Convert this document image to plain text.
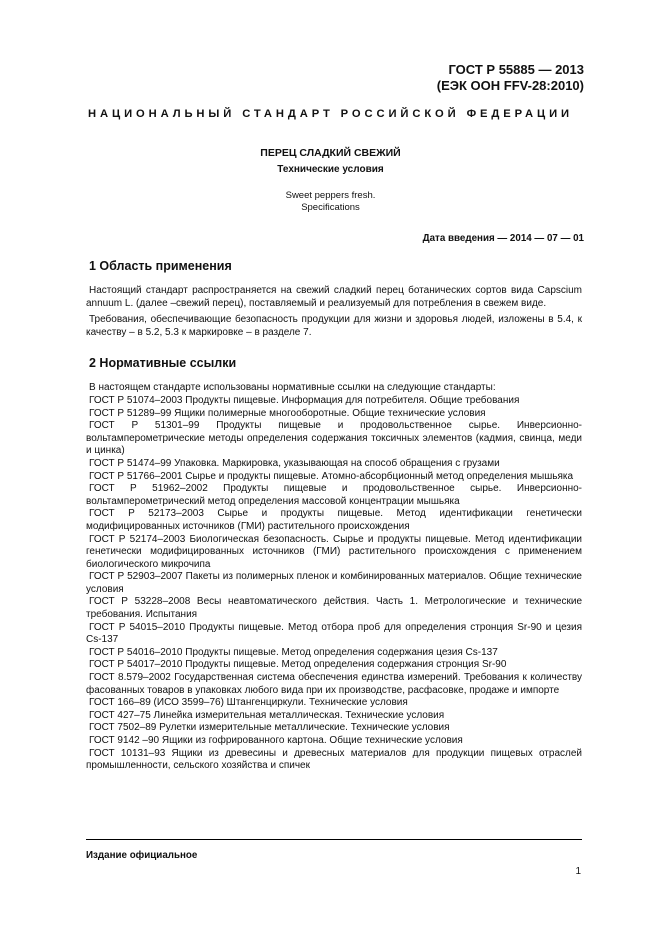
ГОСТ Р 55885 — 2013
(ЕЭК ООН FFV-28:2010)
НАЦИОНАЛЬНЫЙ СТАНДАРТ РОССИЙСКОЙ ФЕДЕРАЦИИ
ПЕРЕЦ СЛАДКИЙ СВЕЖИЙ
Технические условия
Sweet peppers fresh.
Specifications
Дата введения — 2014 — 07 — 01
1 Область применения

Настоящий стандарт распространяется на свежий сладкий перец ботанических сортов вида Capscium annuum L. (далее –свежий перец), поставляемый и реализуемый для потребления в свежем виде.

Требования, обеспечивающие безопасность продукции для жизни и здоровья людей, изложены в 5.4, к качеству – в 5.2, 5.3 к маркировке – в разделе 7.

2 Нормативные ссылки

В настоящем стандарте использованы нормативные ссылки на следующие стандарты:

ГОСТ Р 51074–2003 Продукты пищевые. Информация для потребителя. Общие требования

ГОСТ Р 51289–99 Ящики полимерные многооборотные. Общие технические условия

ГОСТ Р 51301–99 Продукты пищевые и продовольственное сырье. Инверсионно-вольтамперометрические методы определения содержания токсичных элементов (кадмия, свинца, меди и цинка)

ГОСТ Р 51474–99 Упаковка. Маркировка, указывающая на способ обращения с грузами

ГОСТ Р 51766–2001 Сырье и продукты пищевые. Атомно-абсорбционный метод определения мышьяка

ГОСТ Р 51962–2002 Продукты пищевые и продовольственное сырье. Инверсионно-вольтамперометрический метод определения массовой концентрации мышьяка

ГОСТ Р 52173–2003 Сырье и продукты пищевые. Метод идентификации генетически модифицированных источников (ГМИ) растительного происхождения

ГОСТ Р 52174–2003 Биологическая безопасность. Сырье и продукты пищевые. Метод идентификации генетически модифицированных источников (ГМИ) растительного происхождения с применением биологического микрочипа

ГОСТ Р 52903–2007 Пакеты из полимерных пленок и комбинированных материалов. Общие технические условия

ГОСТ Р 53228–2008 Весы неавтоматического действия. Часть 1. Метрологические и технические требования. Испытания

ГОСТ Р 54015–2010 Продукты пищевые. Метод отбора проб для определения стронция Sr-90 и цезия Cs-137

ГОСТ Р 54016–2010 Продукты пищевые. Метод определения содержания цезия Cs-137

ГОСТ Р 54017–2010 Продукты пищевые. Метод определения содержания стронция Sr-90

ГОСТ 8.579–2002 Государственная система обеспечения единства измерений. Требования к количеству фасованных товаров в упаковках любого вида при их производстве, расфасовке, продаже и импорте

ГОСТ 166–89 (ИСО 3599–76) Штангенциркули. Технические условия

ГОСТ 427–75 Линейка измерительная металлическая. Технические условия

ГОСТ 7502–89 Рулетки измерительные металлические. Технические условия

ГОСТ 9142 –90 Ящики из гофрированного картона. Общие технические условия

ГОСТ 10131–93 Ящики из древесины и древесных материалов для продукции пищевых отраслей промышленности, сельского хозяйства и спичек

Издание официальное
1
